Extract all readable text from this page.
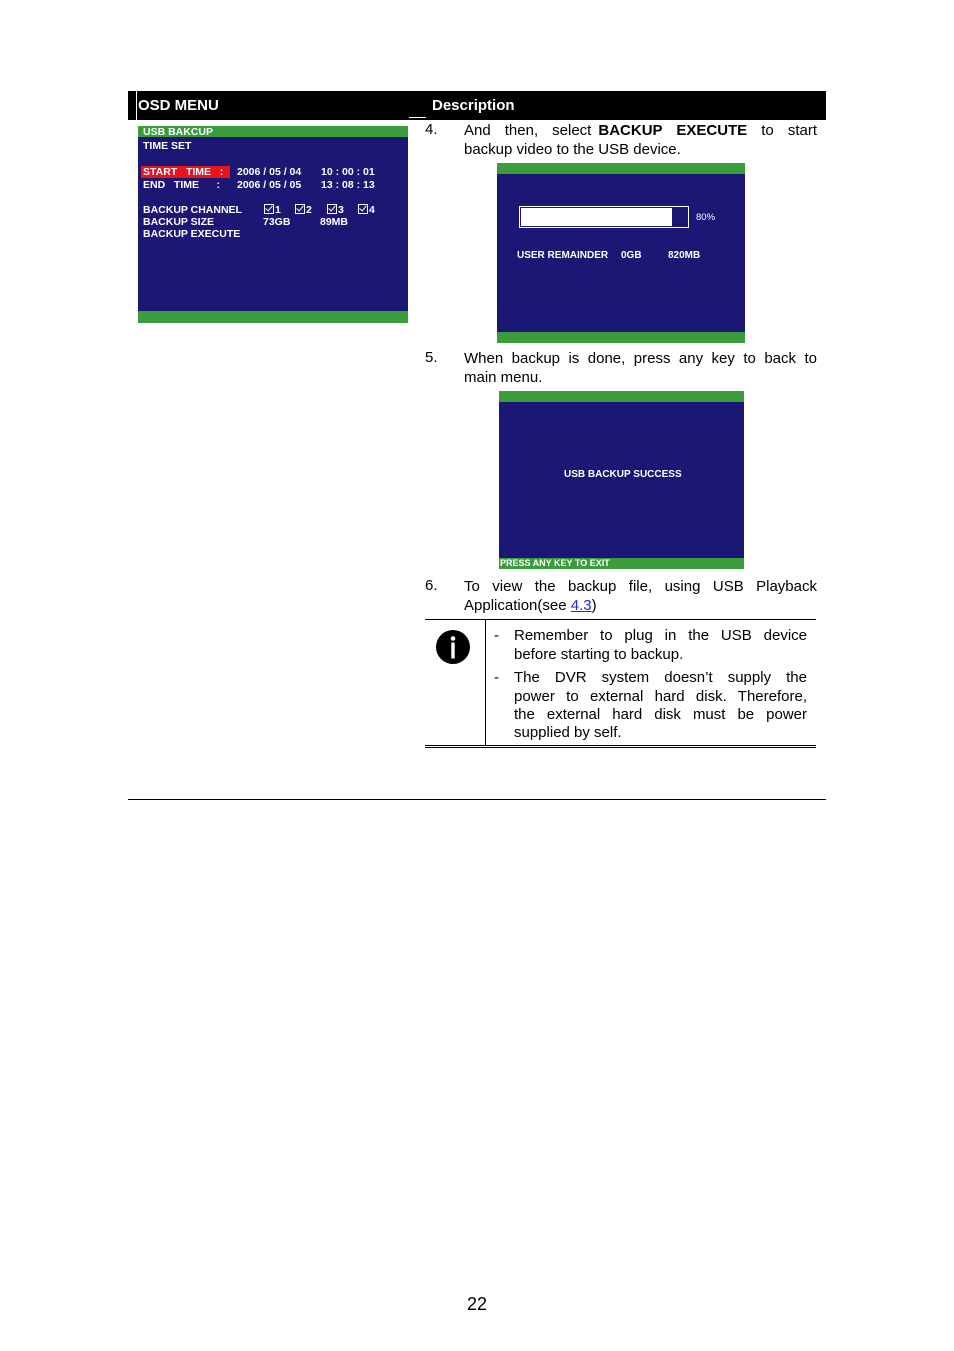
OSD MENU	Description
USB BAKCUP
TIME SET
START   TIME   : 2006 / 05 / 04 10 : 00 : 01
END   TIME      : 2006 / 05 / 05 13 : 08 : 13
BACKUP CHANNEL	1	2	3	4
BACKUP SIZE	73GB	89MB
BACKUP EXECUTE
4. And  then,  select BACKUP  EXECUTE  to  start
backup video to the USB device.
80%
USER REMAINDER 0GB	820MB
5. When  backup  is  done,  press  any  key  to  back  to
main menu.
USB BACKUP SUCCESS
PRESS ANY KEY TO EXIT
6. To  view  the  backup  file,  using  USB  Playback
Application(see 4.3)
- Remember  to  plug  in  the  USB  device
before starting to backup.
- The  DVR  system  doesn’t  supply  the
power  to  external  hard  disk.  Therefore,
the  external  hard  disk  must  be  power
supplied by self.
22
